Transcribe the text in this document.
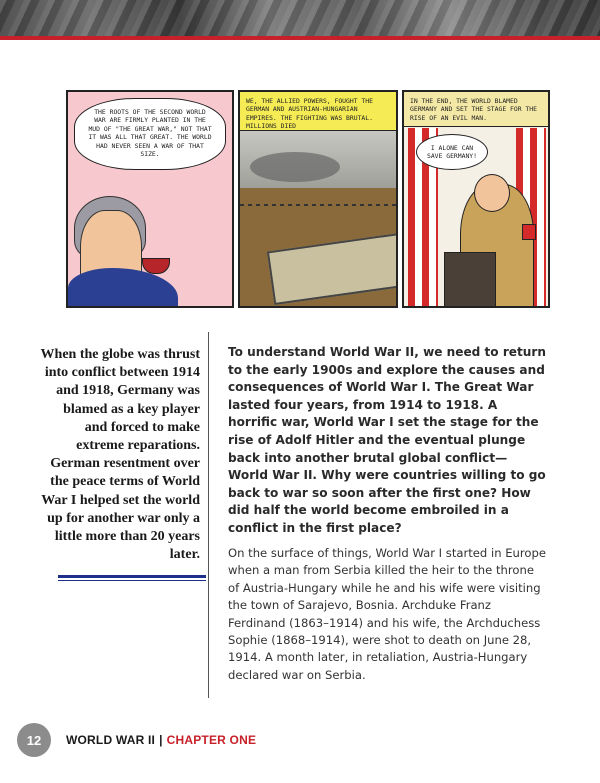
THE ROOTS OF THE SECOND WORLD WAR ARE FIRMLY PLANTED IN THE MUD OF "THE GREAT WAR," NOT THAT IT WAS ALL THAT GREAT. THE WORLD HAD NEVER SEEN A WAR OF THAT SIZE.
WE, THE ALLIED POWERS, FOUGHT THE GERMAN AND AUSTRIAN-HUNGARIAN EMPIRES. THE FIGHTING WAS BRUTAL. MILLIONS DIED
IN THE END, THE WORLD BLAMED GERMANY AND SET THE STAGE FOR THE RISE OF AN EVIL MAN.
I ALONE CAN SAVE GERMANY!
When the globe was thrust into conflict between 1914 and 1918, Germany was blamed as a key player and forced to make extreme reparations. German resentment over the peace terms of World War I helped set the world up for another war only a little more than 20 years later.
To understand World War II, we need to return to the early 1900s and explore the causes and consequences of World War I. The Great War lasted four years, from 1914 to 1918. A horrific war, World War I set the stage for the rise of Adolf Hitler and the eventual plunge back into another brutal global conflict—World War II. Why were countries willing to go back to war so soon after the first one? How did half the world become embroiled in a conflict in the first place?
On the surface of things, World War I started in Europe when a man from Serbia killed the heir to the throne of Austria-Hungary while he and his wife were visiting the town of Sarajevo, Bosnia. Archduke Franz Ferdinand (1863–1914) and his wife, the Archduchess Sophie (1868–1914), were shot to death on June 28, 1914. A month later, in retaliation, Austria-Hungary declared war on Serbia.
12	WORLD WAR II | CHAPTER ONE
